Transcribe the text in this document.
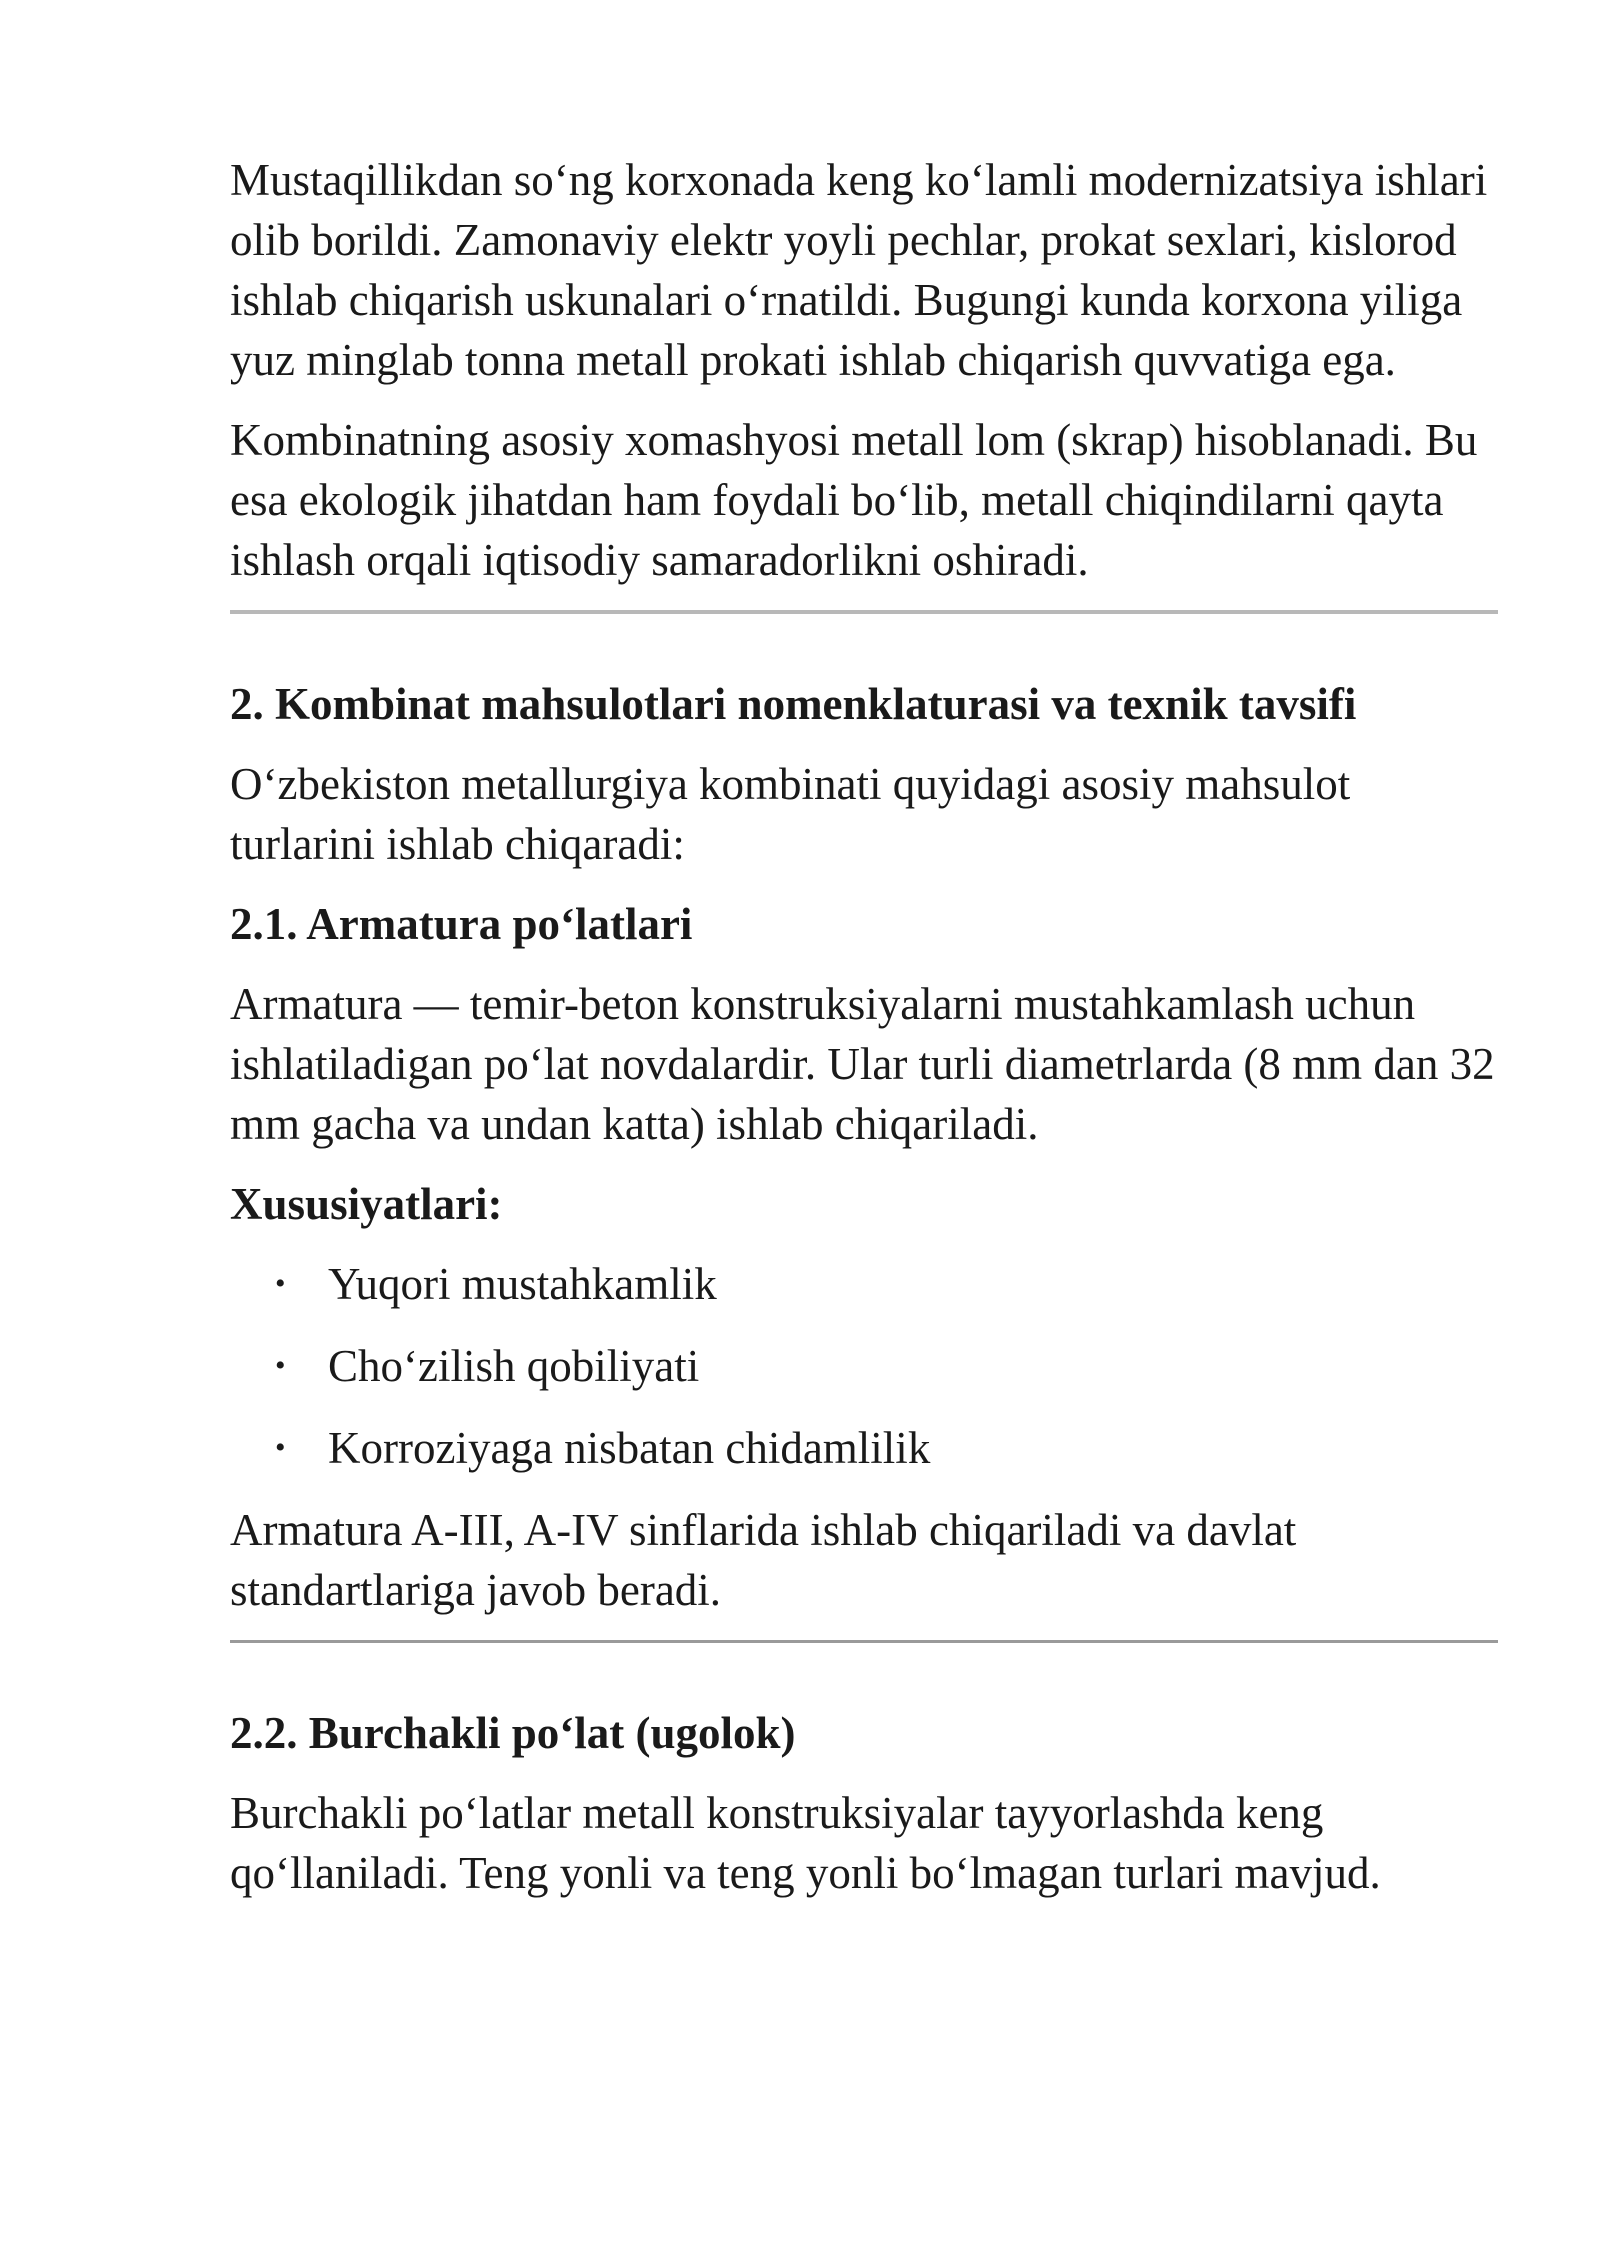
Mustaqillikdan so‘ng korxonada keng ko‘lamli modernizatsiya ishlari olib borildi. Zamonaviy elektr yoyli pechlar, prokat sexlari, kislorod ishlab chiqarish uskunalari o‘rnatildi. Bugungi kunda korxona yiliga yuz minglab tonna metall prokati ishlab chiqarish quvvatiga ega.

Kombinatning asosiy xomashyosi metall lom (skrap) hisoblanadi. Bu esa ekologik jihatdan ham foydali bo‘lib, metall chiqindilarni qayta ishlash orqali iqtisodiy samaradorlikni oshiradi.

2. Kombinat mahsulotlari nomenklaturasi va texnik tavsifi

O‘zbekiston metallurgiya kombinati quyidagi asosiy mahsulot turlarini ishlab chiqaradi:

2.1. Armatura po‘latlari

Armatura — temir-beton konstruksiyalarni mustahkamlash uchun ishlatiladigan po‘lat novdalardir. Ular turli diametrlarda (8 mm dan 32 mm gacha va undan katta) ishlab chiqariladi.

Xususiyatlari:

• Yuqori mustahkamlik
• Cho‘zilish qobiliyati
• Korroziyaga nisbatan chidamlilik

Armatura A-III, A-IV sinflarida ishlab chiqariladi va davlat standartlariga javob beradi.

2.2. Burchakli po‘lat (ugolok)

Burchakli po‘latlar metall konstruksiyalar tayyorlashda keng qo‘llaniladi. Teng yonli va teng yonli bo‘lmagan turlari mavjud.
